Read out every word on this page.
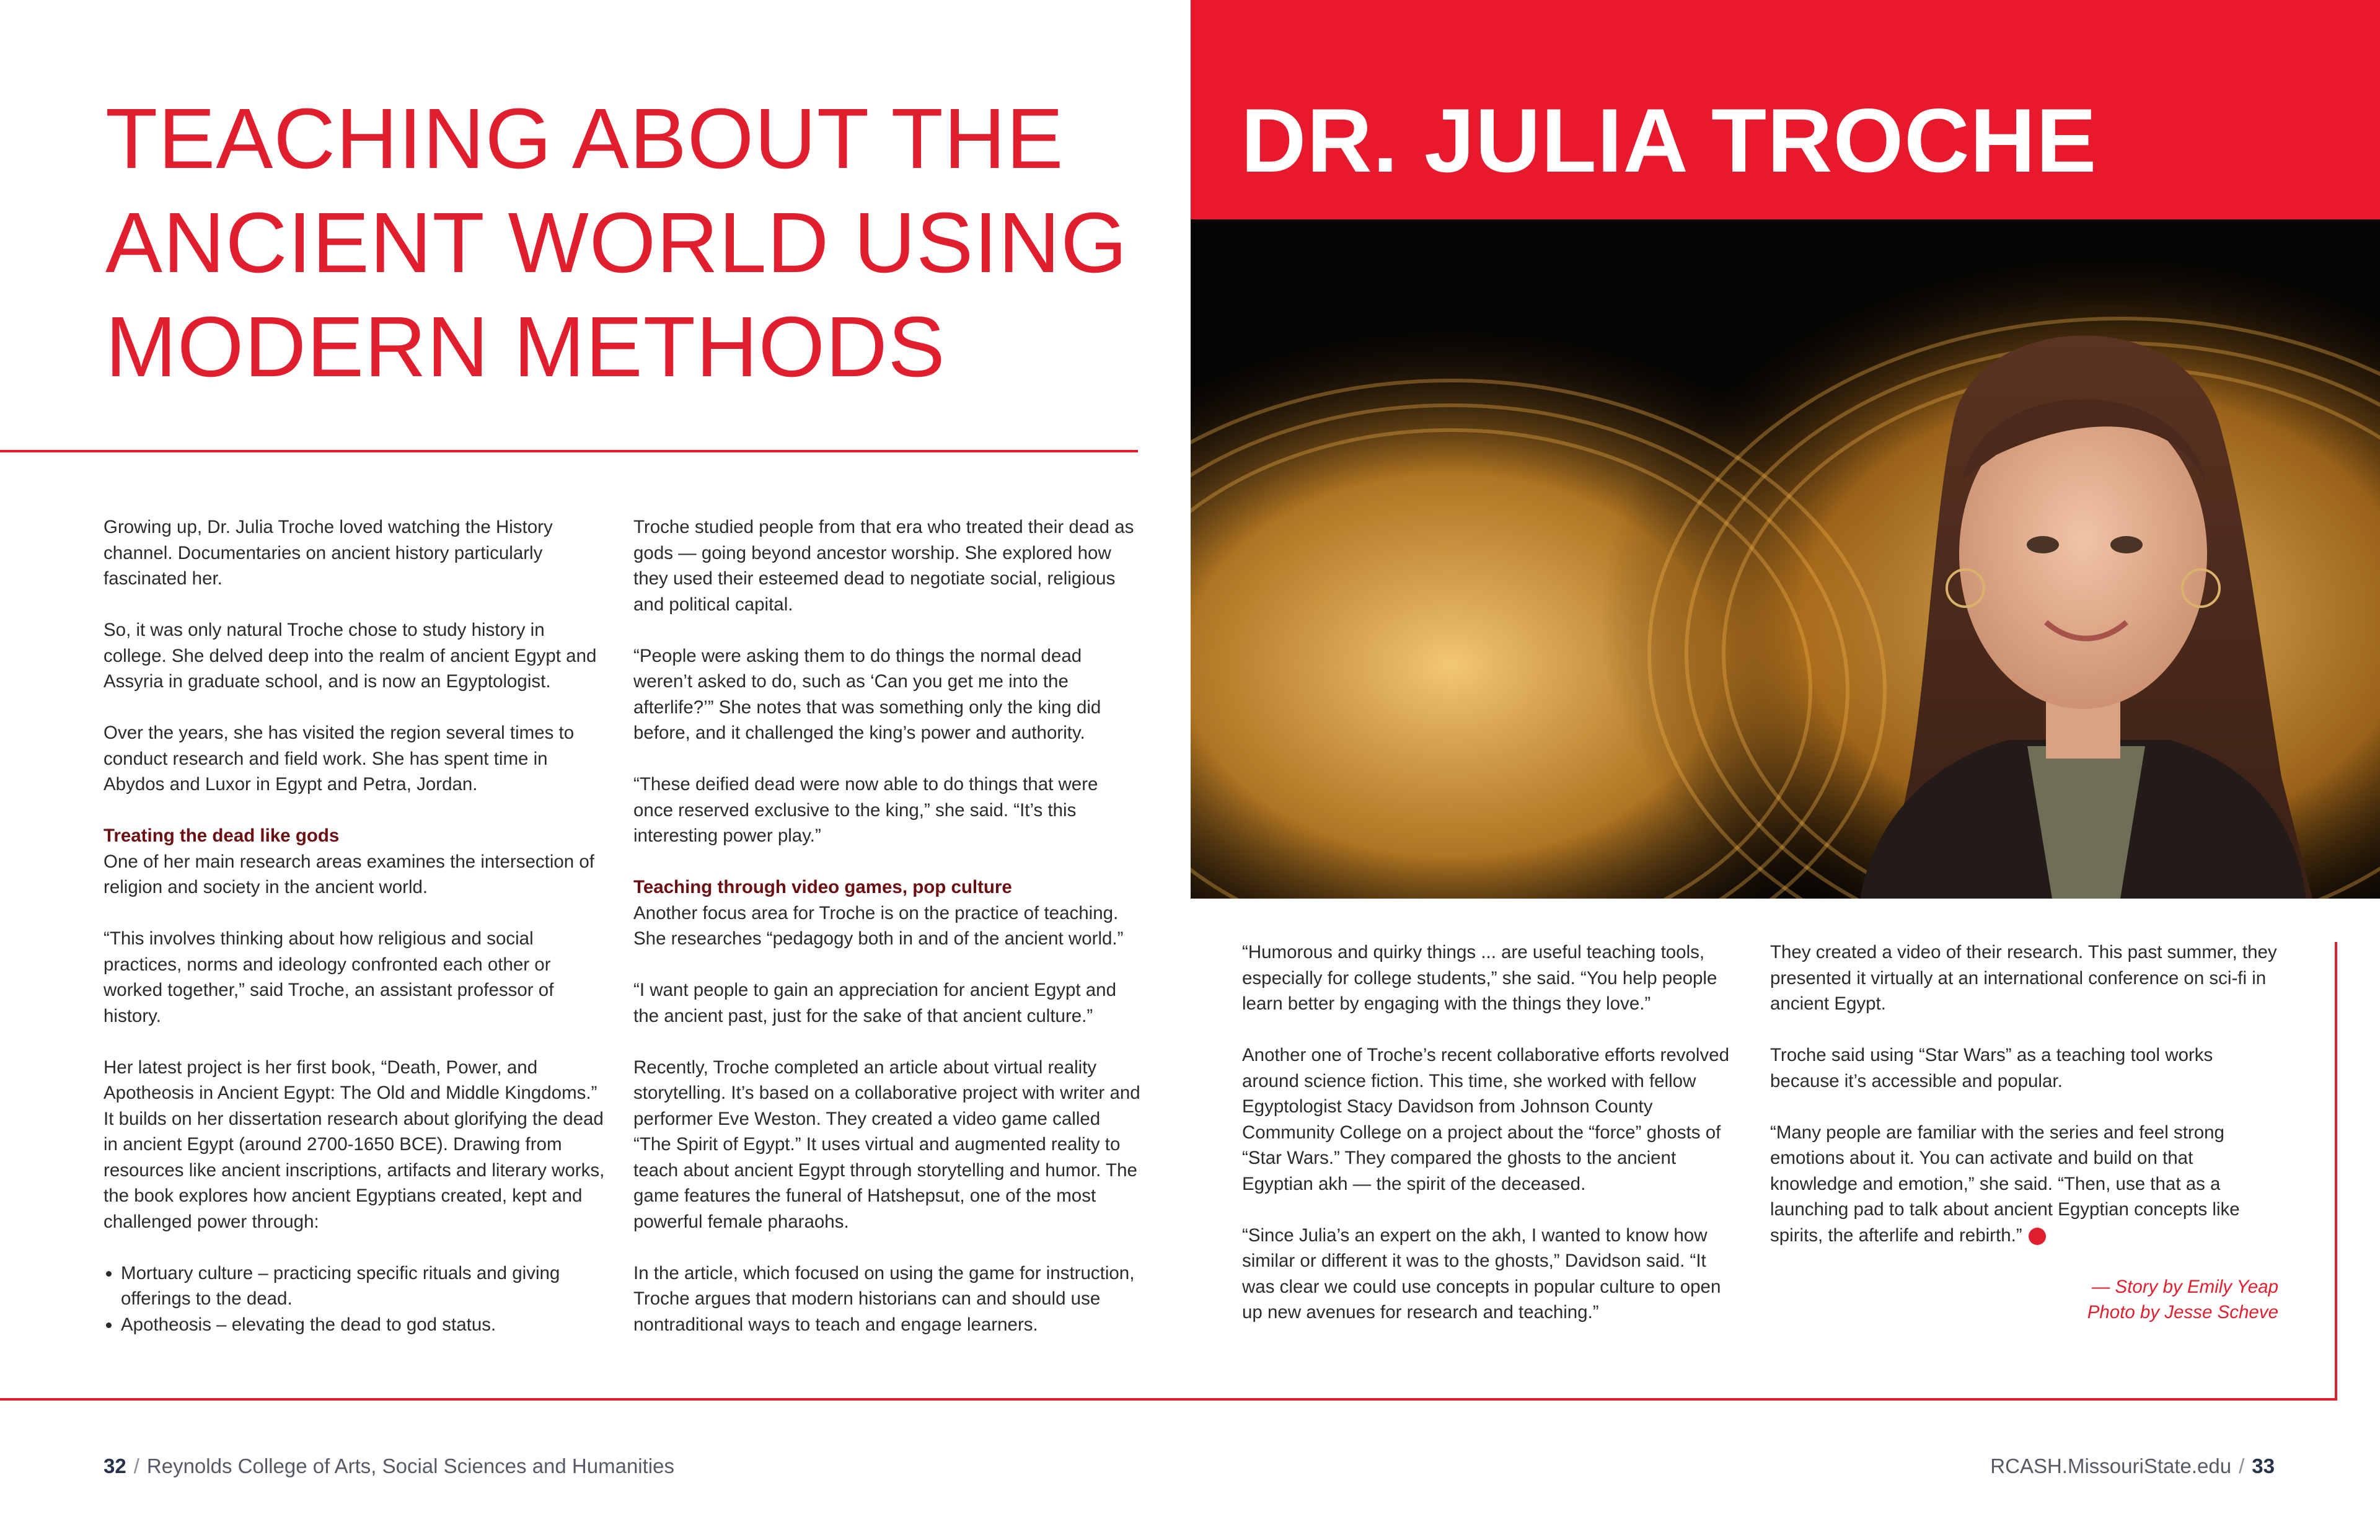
TEACHING ABOUT THE
ANCIENT WORLD USING
MODERN METHODS

Growing up, Dr. Julia Troche loved watching the History channel. Documentaries on ancient history particularly fascinated her.

So, it was only natural Troche chose to study history in college. She delved deep into the realm of ancient Egypt and Assyria in graduate school, and is now an Egyptologist.

Over the years, she has visited the region several times to conduct research and field work. She has spent time in Abydos and Luxor in Egypt and Petra, Jordan.

Treating the dead like gods

One of her main research areas examines the intersection of religion and society in the ancient world.

“This involves thinking about how religious and social practices, norms and ideology confronted each other or worked together,” said Troche, an assistant professor of history.

Her latest project is her first book, “Death, Power, and Apotheosis in Ancient Egypt: The Old and Middle Kingdoms.” It builds on her dissertation research about glorifying the dead in ancient Egypt (around 2700-1650 BCE). Drawing from resources like ancient inscriptions, artifacts and literary works, the book explores how ancient Egyptians created, kept and challenged power through:

• Mortuary culture – practicing specific rituals and giving offerings to the dead.
• Apotheosis – elevating the dead to god status.

Troche studied people from that era who treated their dead as gods — going beyond ancestor worship. She explored how they used their esteemed dead to negotiate social, religious and political capital.

“People were asking them to do things the normal dead weren’t asked to do, such as ‘Can you get me into the afterlife?’” She notes that was something only the king did before, and it challenged the king’s power and authority.

“These deified dead were now able to do things that were once reserved exclusive to the king,” she said. “It’s this interesting power play.”

Teaching through video games, pop culture

Another focus area for Troche is on the practice of teaching. She researches “pedagogy both in and of the ancient world.”

“I want people to gain an appreciation for ancient Egypt and the ancient past, just for the sake of that ancient culture.”

Recently, Troche completed an article about virtual reality storytelling. It’s based on a collaborative project with writer and performer Eve Weston. They created a video game called “The Spirit of Egypt.” It uses virtual and augmented reality to teach about ancient Egypt through storytelling and humor. The game features the funeral of Hatshepsut, one of the most powerful female pharaohs.

In the article, which focused on using the game for instruction, Troche argues that modern historians can and should use nontraditional ways to teach and engage learners.

DR. JULIA TROCHE

“Humorous and quirky things ... are useful teaching tools, especially for college students,” she said. “You help people learn better by engaging with the things they love.”

Another one of Troche’s recent collaborative efforts revolved around science fiction. This time, she worked with fellow Egyptologist Stacy Davidson from Johnson County Community College on a project about the “force” ghosts of “Star Wars.” They compared the ghosts to the ancient Egyptian akh — the spirit of the deceased.

“Since Julia’s an expert on the akh, I wanted to know how similar or different it was to the ghosts,” Davidson said. “It was clear we could use concepts in popular culture to open up new avenues for research and teaching.”

They created a video of their research. This past summer, they presented it virtually at an international conference on sci-fi in ancient Egypt.

Troche said using “Star Wars” as a teaching tool works because it’s accessible and popular.

“Many people are familiar with the series and feel strong emotions about it. You can activate and build on that knowledge and emotion,” she said. “Then, use that as a launching pad to talk about ancient Egyptian concepts like spirits, the afterlife and rebirth.”

— Story by Emily Yeap
Photo by Jesse Scheve
32 / Reynolds College of Arts, Social Sciences and Humanities	RCASH.MissouriState.edu / 33
